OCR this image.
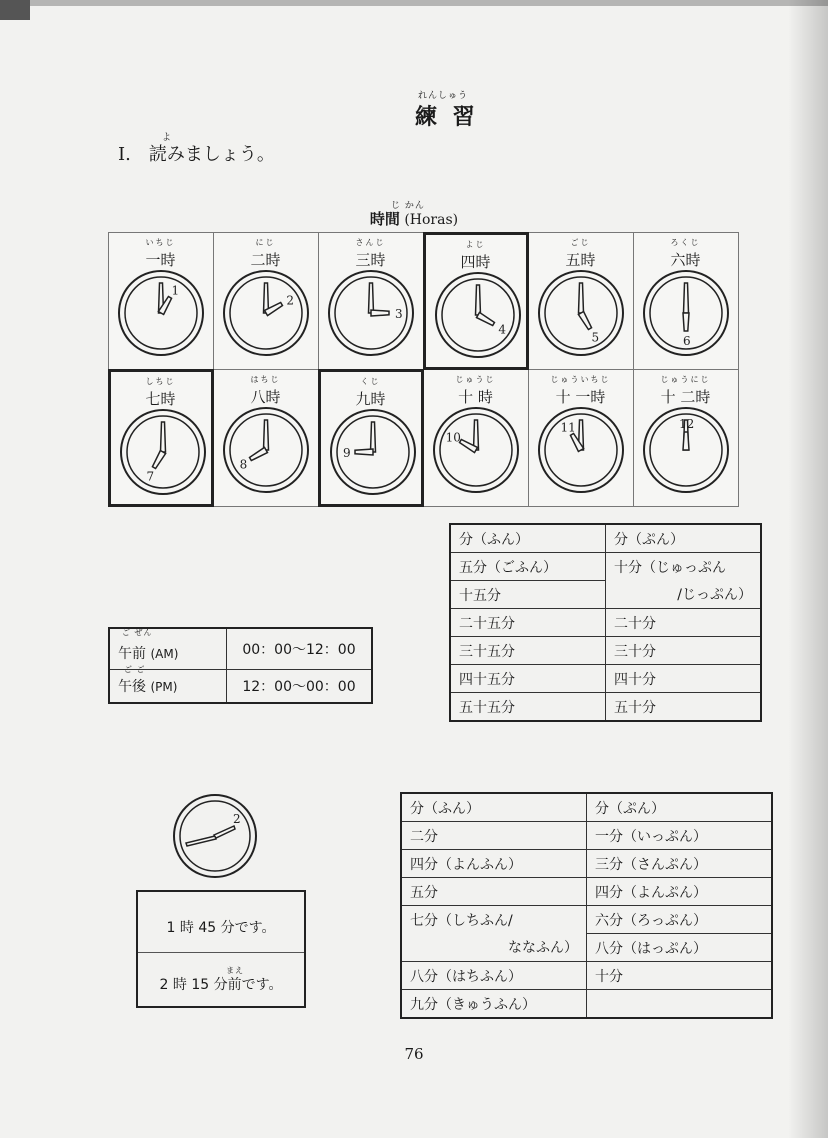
れんしゅう
練 習
よ
I.　読みましょう。
じ かん
時間 (Horas)
いちじ
一時
1
にじ
二時
2
さんじ
三時
3
よじ
四時
4
ごじ
五時
5
ろくじ
六時
6
しちじ
七時
7
はちじ
八時
8
くじ
九時
9
じゅうじ
十 時
10
じゅういちじ
十 一時
11
じゅうにじ
十 二時
12
分（ふん）	分（ぷん）
五分（ごふん）	十分（じゅっぷん
十五分	/じっぷん）
二十五分	二十分
三十五分	三十分
四十五分	四十分
五十五分	五十分
ご ぜん
午前 (AM)	00：00〜12：00
午後 (PM)	12：00〜00：00
ご ご
2
1 時 45 分です。
2 時 15 分前です。
まえ
分（ふん）	分（ぷん）
二分	一分（いっぷん）
四分（よんふん）	三分（さんぷん）
五分	四分（よんぷん）
七分（しちふん/	六分（ろっぷん）
ななふん）	八分（はっぷん）
八分（はちふん）	十分
九分（きゅうふん）	
76
